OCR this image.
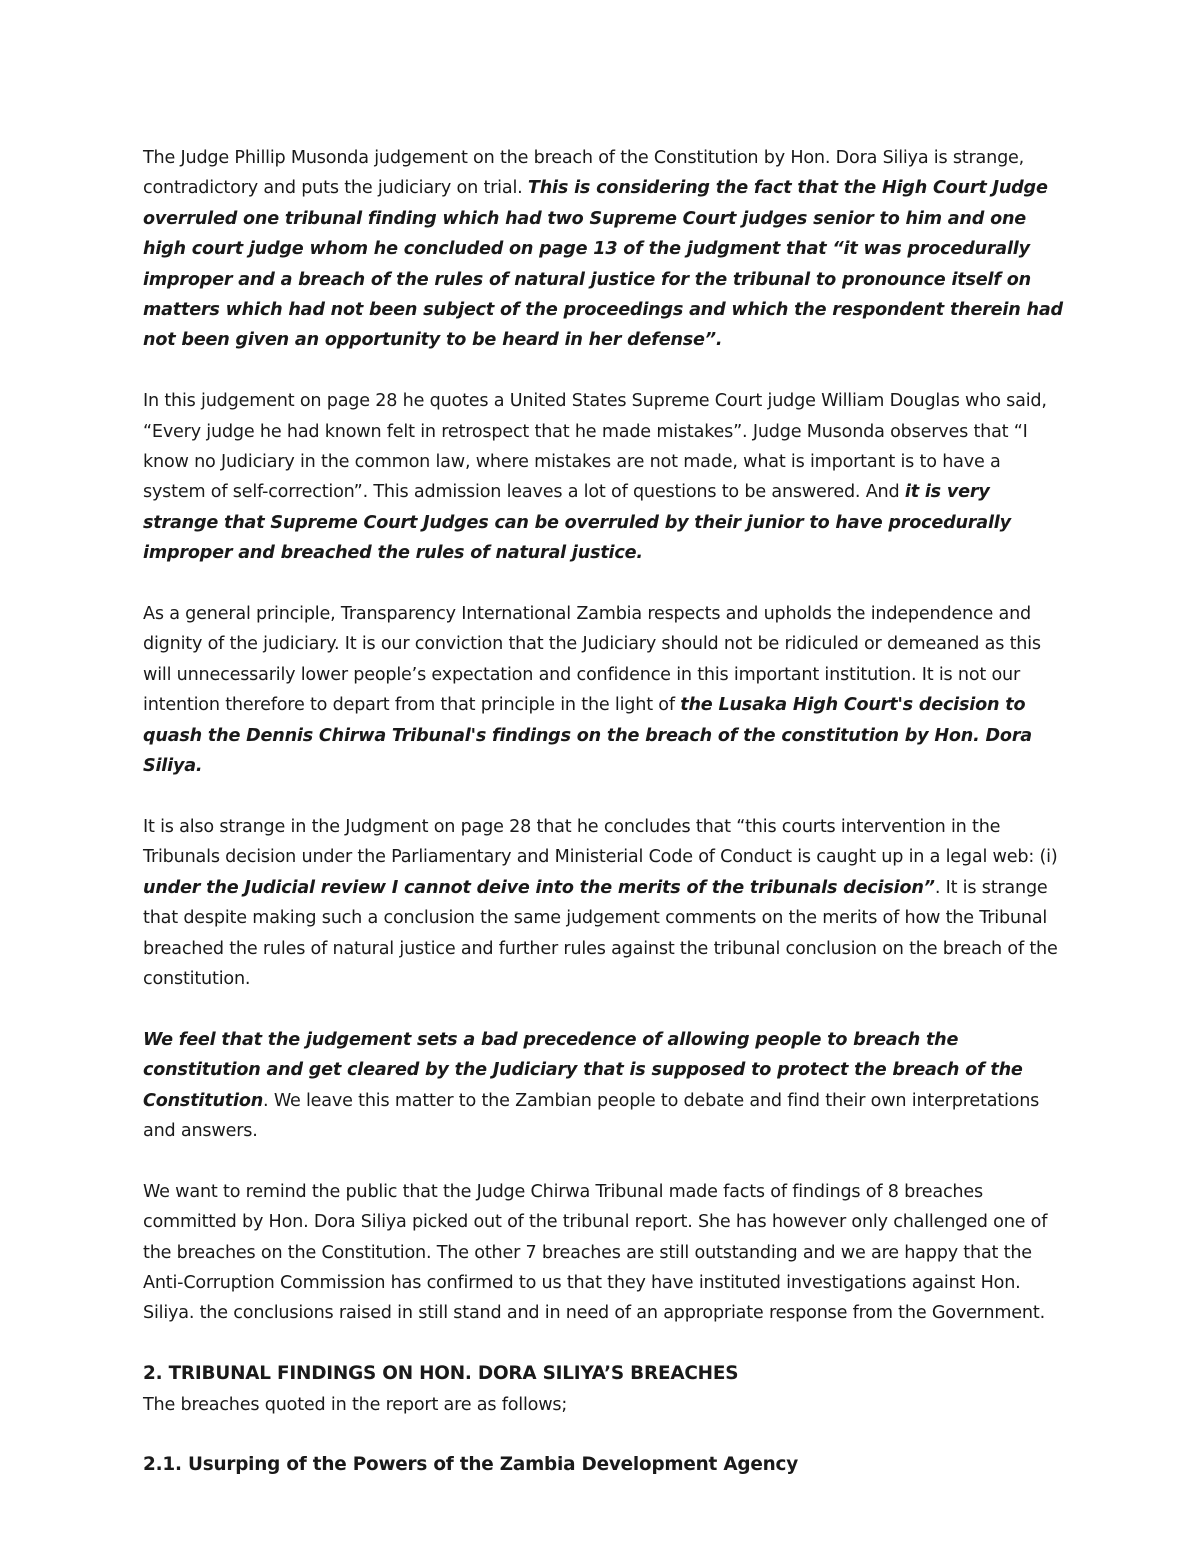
The Judge Phillip Musonda judgement on the breach of the Constitution by Hon. Dora Siliya is strange, contradictory and puts the judiciary on trial. This is considering the fact that the High Court Judge overruled one tribunal finding which had two Supreme Court judges senior to him and one high court judge whom he concluded on page 13 of the judgment that “it was procedurally improper and a breach of the rules of natural justice for the tribunal to pronounce itself on matters which had not been subject of the proceedings and which the respondent therein had not been given an opportunity to be heard in her defense”.

In this judgement on page 28 he quotes a United States Supreme Court judge William Douglas who said, “Every judge he had known felt in retrospect that he made mistakes”. Judge Musonda observes that “I know no Judiciary in the common law, where mistakes are not made, what is important is to have a system of self-correction”. This admission leaves a lot of questions to be answered. And it is very strange that Supreme Court Judges can be overruled by their junior to have procedurally improper and breached the rules of natural justice.

As a general principle, Transparency International Zambia respects and upholds the independence and dignity of the judiciary. It is our conviction that the Judiciary should not be ridiculed or demeaned as this will unnecessarily lower people’s expectation and confidence in this important institution. It is not our intention therefore to depart from that principle in the light of the Lusaka High Court's decision to quash the Dennis Chirwa Tribunal's findings on the breach of the constitution by Hon. Dora Siliya.

It is also strange in the Judgment on page 28 that he concludes that “this courts intervention in the Tribunals decision under the Parliamentary and Ministerial Code of Conduct is caught up in a legal web: (i) under the Judicial review I cannot deive into the merits of the tribunals decision”. It is strange that despite making such a conclusion the same judgement comments on the merits of how the Tribunal breached the rules of natural justice and further rules against the tribunal conclusion on the breach of the constitution.

We feel that the judgement sets a bad precedence of allowing people to breach the constitution and get cleared by the Judiciary that is supposed to protect the breach of the Constitution. We leave this matter to the Zambian people to debate and find their own interpretations and answers.

We want to remind the public that the Judge Chirwa Tribunal made facts of findings of 8 breaches committed by Hon. Dora Siliya picked out of the tribunal report. She has however only challenged one of the breaches on the Constitution. The other 7 breaches are still outstanding and we are happy that the Anti-Corruption Commission has confirmed to us that they have instituted investigations against Hon. Siliya. the conclusions raised in still stand and in need of an appropriate response from the Government.

2. TRIBUNAL FINDINGS ON HON. DORA SILIYA’S BREACHES

The breaches quoted in the report are as follows;

2.1. Usurping of the Powers of the Zambia Development Agency
